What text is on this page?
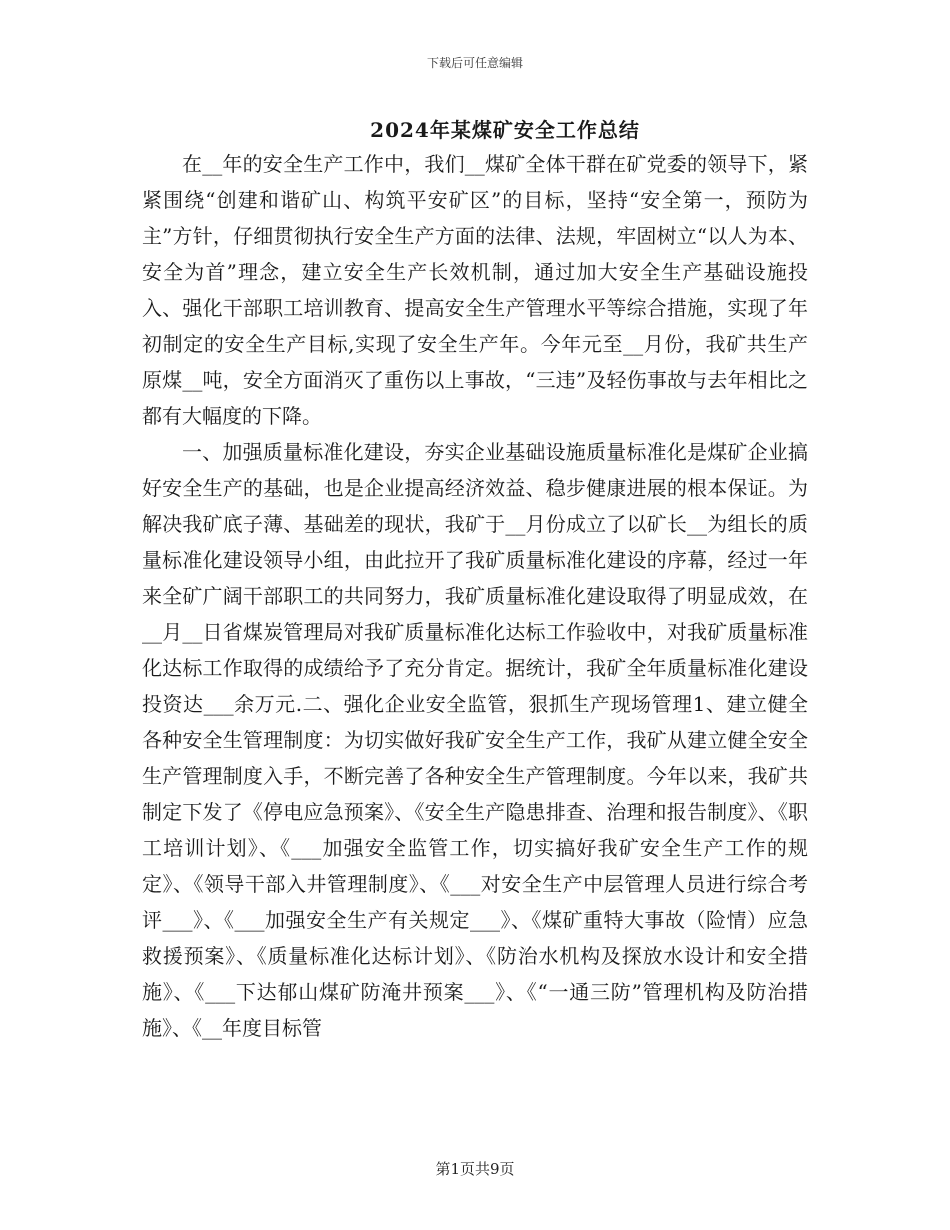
下载后可任意编辑
2024年某煤矿安全工作总结

在__年的安全生产工作中，我们__煤矿全体干群在矿党委的领导下，紧紧围绕“创建和谐矿山、构筑平安矿区”的目标，坚持“安全第一，预防为主”方针，仔细贯彻执行安全生产方面的法律、法规，牢固树立“以人为本、安全为首”理念，建立安全生产长效机制，通过加大安全生产基础设施投入、强化干部职工培训教育、提高安全生产管理水平等综合措施，实现了年初制定的安全生产目标,实现了安全生产年。今年元至__月份，我矿共生产原煤__吨，安全方面消灭了重伤以上事故，“三违”及轻伤事故与去年相比之都有大幅度的下降。

一、加强质量标准化建设，夯实企业基础设施质量标准化是煤矿企业搞好安全生产的基础，也是企业提高经济效益、稳步健康进展的根本保证。为解决我矿底子薄、基础差的现状，我矿于__月份成立了以矿长__为组长的质量标准化建设领导小组，由此拉开了我矿质量标准化建设的序幕，经过一年来全矿广阔干部职工的共同努力，我矿质量标准化建设取得了明显成效，在__月__日省煤炭管理局对我矿质量标准化达标工作验收中，对我矿质量标准化达标工作取得的成绩给予了充分肯定。据统计，我矿全年质量标准化建设投资达___余万元.二、强化企业安全监管，狠抓生产现场管理1、建立健全各种安全生管理制度：为切实做好我矿安全生产工作，我矿从建立健全安全生产管理制度入手，不断完善了各种安全生产管理制度。今年以来，我矿共制定下发了《停电应急预案》、《安全生产隐患排查、治理和报告制度》、《职工培训计划》、《___加强安全监管工作，切实搞好我矿安全生产工作的规定》、《领导干部入井管理制度》、《___对安全生产中层管理人员进行综合考评___》、《___加强安全生产有关规定___》、《煤矿重特大事故（险情）应急救援预案》、《质量标准化达标计划》、《防治水机构及探放水设计和安全措施》、《___下达郁山煤矿防淹井预案___》、《“一通三防”管理机构及防治措施》、《__年度目标管

第1页共9页
